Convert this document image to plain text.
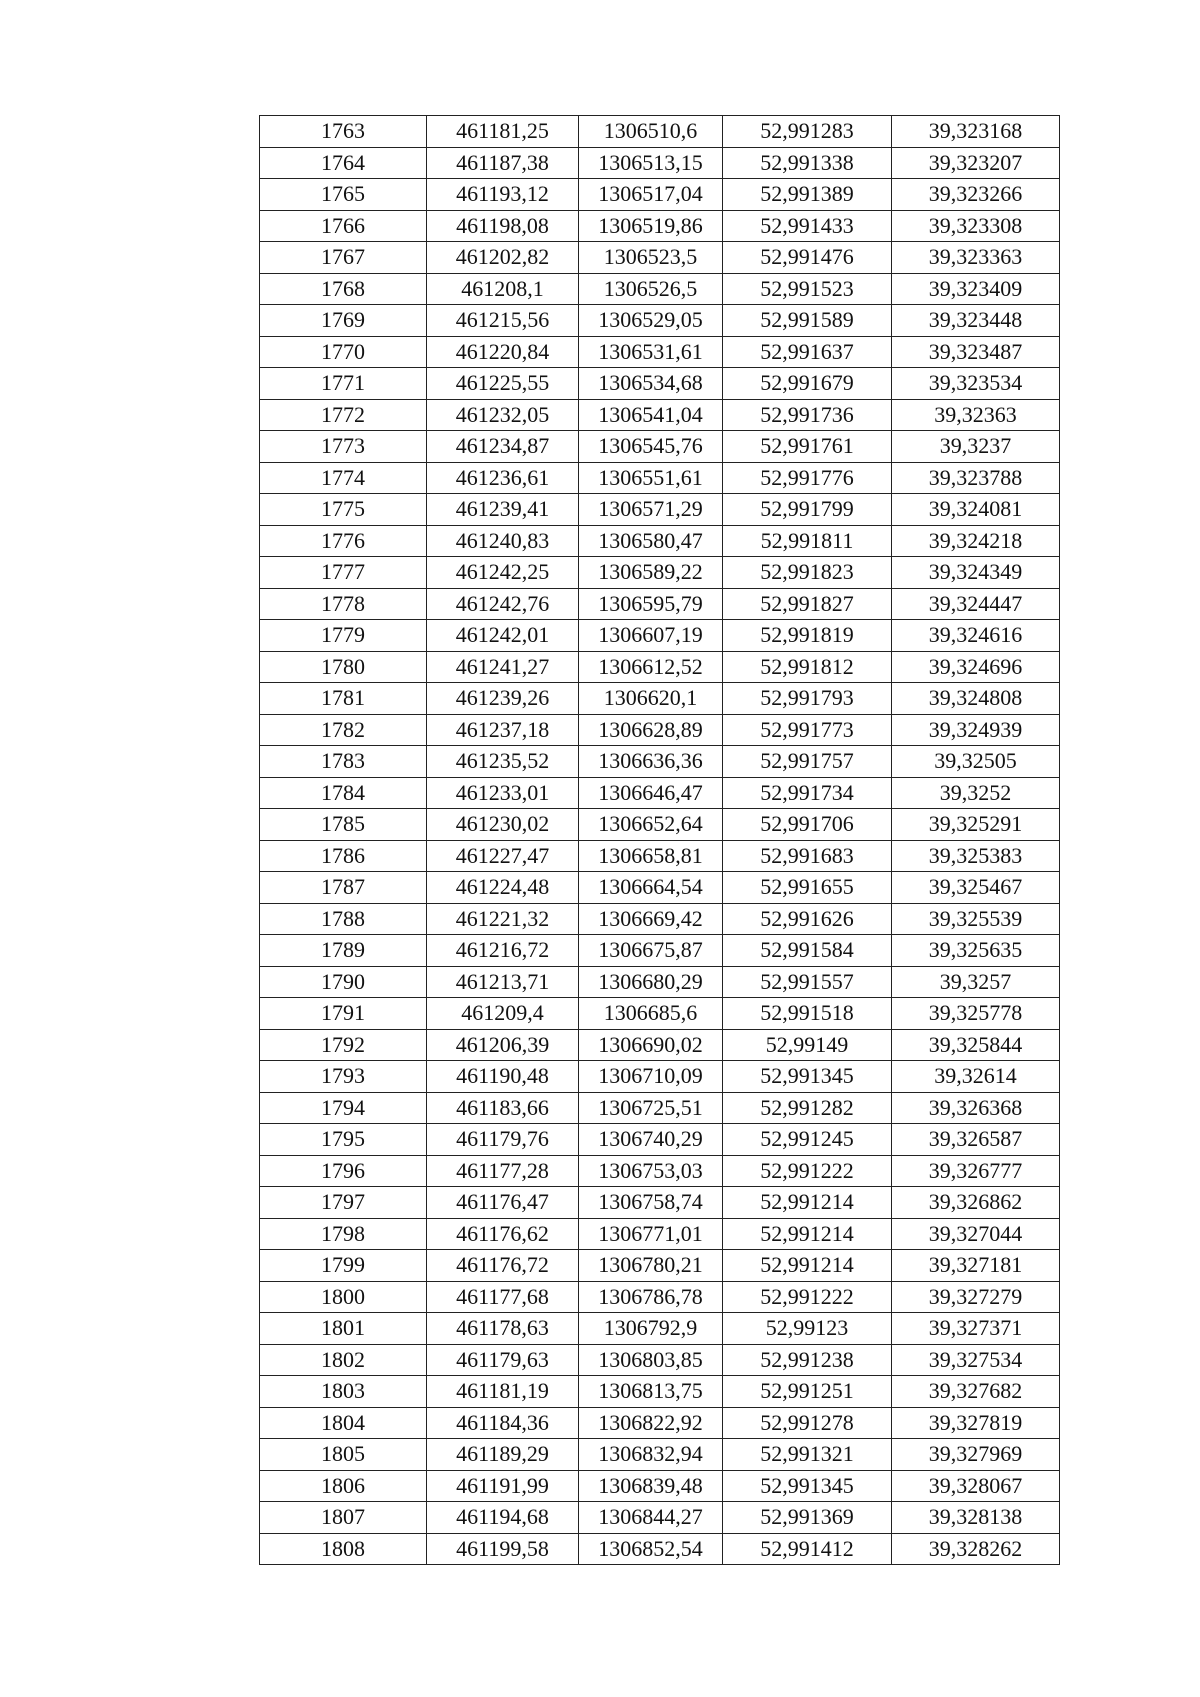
1763	461181,25	1306510,6	52,991283	39,323168
1764	461187,38	1306513,15	52,991338	39,323207
1765	461193,12	1306517,04	52,991389	39,323266
1766	461198,08	1306519,86	52,991433	39,323308
1767	461202,82	1306523,5	52,991476	39,323363
1768	461208,1	1306526,5	52,991523	39,323409
1769	461215,56	1306529,05	52,991589	39,323448
1770	461220,84	1306531,61	52,991637	39,323487
1771	461225,55	1306534,68	52,991679	39,323534
1772	461232,05	1306541,04	52,991736	39,32363
1773	461234,87	1306545,76	52,991761	39,3237
1774	461236,61	1306551,61	52,991776	39,323788
1775	461239,41	1306571,29	52,991799	39,324081
1776	461240,83	1306580,47	52,991811	39,324218
1777	461242,25	1306589,22	52,991823	39,324349
1778	461242,76	1306595,79	52,991827	39,324447
1779	461242,01	1306607,19	52,991819	39,324616
1780	461241,27	1306612,52	52,991812	39,324696
1781	461239,26	1306620,1	52,991793	39,324808
1782	461237,18	1306628,89	52,991773	39,324939
1783	461235,52	1306636,36	52,991757	39,32505
1784	461233,01	1306646,47	52,991734	39,3252
1785	461230,02	1306652,64	52,991706	39,325291
1786	461227,47	1306658,81	52,991683	39,325383
1787	461224,48	1306664,54	52,991655	39,325467
1788	461221,32	1306669,42	52,991626	39,325539
1789	461216,72	1306675,87	52,991584	39,325635
1790	461213,71	1306680,29	52,991557	39,3257
1791	461209,4	1306685,6	52,991518	39,325778
1792	461206,39	1306690,02	52,99149	39,325844
1793	461190,48	1306710,09	52,991345	39,32614
1794	461183,66	1306725,51	52,991282	39,326368
1795	461179,76	1306740,29	52,991245	39,326587
1796	461177,28	1306753,03	52,991222	39,326777
1797	461176,47	1306758,74	52,991214	39,326862
1798	461176,62	1306771,01	52,991214	39,327044
1799	461176,72	1306780,21	52,991214	39,327181
1800	461177,68	1306786,78	52,991222	39,327279
1801	461178,63	1306792,9	52,99123	39,327371
1802	461179,63	1306803,85	52,991238	39,327534
1803	461181,19	1306813,75	52,991251	39,327682
1804	461184,36	1306822,92	52,991278	39,327819
1805	461189,29	1306832,94	52,991321	39,327969
1806	461191,99	1306839,48	52,991345	39,328067
1807	461194,68	1306844,27	52,991369	39,328138
1808	461199,58	1306852,54	52,991412	39,328262
